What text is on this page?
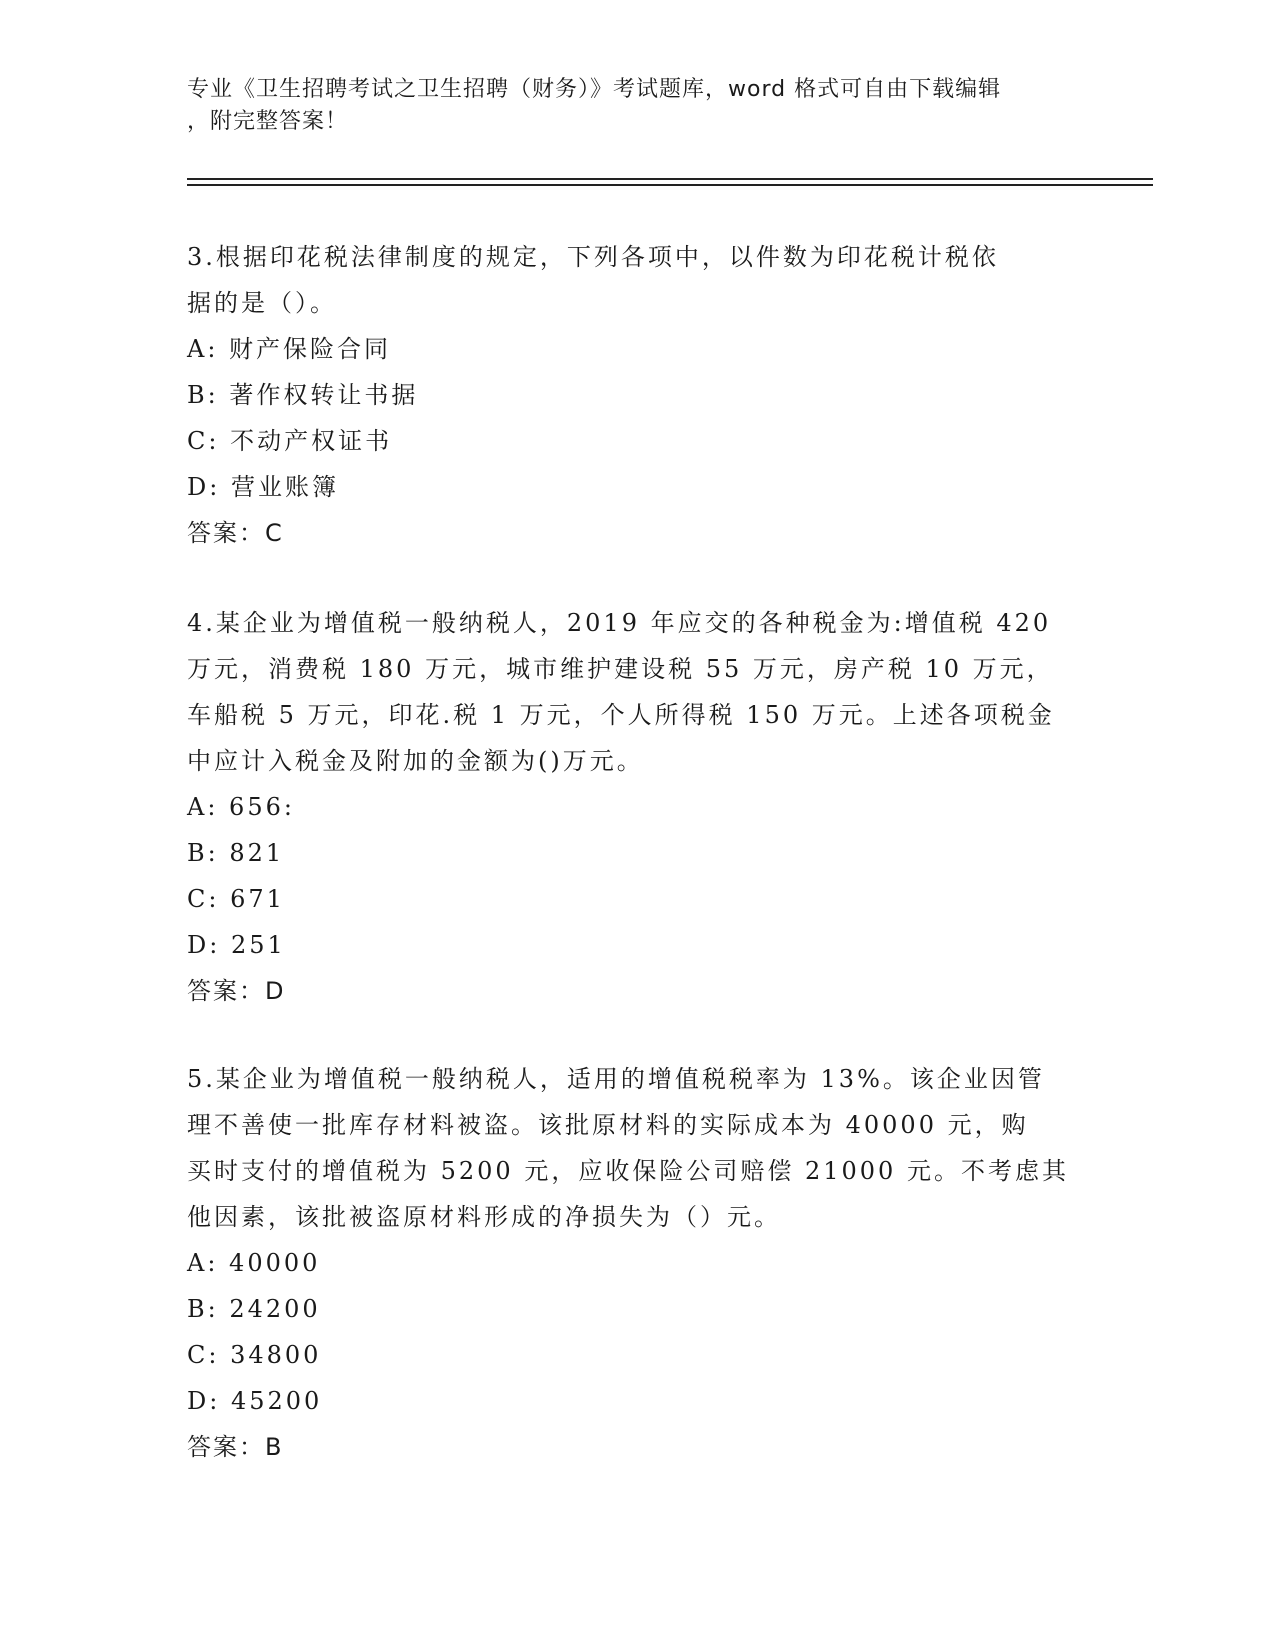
专业《卫生招聘考试之卫生招聘（财务）》考试题库，word 格式可自由下载编辑

，附完整答案！

3.根据印花税法律制度的规定，下列各项中，以件数为印花税计税依

据的是（）。

A: 财产保险合同

B: 著作权转让书据

C: 不动产权证书

D: 营业账簿

答案：C

4.某企业为增值税一般纳税人，2019 年应交的各种税金为:增值税 420

万元，消费税 180 万元，城市维护建设税 55 万元，房产税 10 万元，

车船税 5 万元，印花.税 1 万元，个人所得税 150 万元。上述各项税金

中应计入税金及附加的金额为()万元。

A: 656:

B: 821

C: 671

D: 251

答案：D

5.某企业为增值税一般纳税人，适用的增值税税率为 13%。该企业因管

理不善使一批库存材料被盗。该批原材料的实际成本为 40000 元，购

买时支付的增值税为 5200 元，应收保险公司赔偿 21000 元。不考虑其

他因素，该批被盗原材料形成的净损失为（）元。

A: 40000

B: 24200

C: 34800

D: 45200

答案：B
